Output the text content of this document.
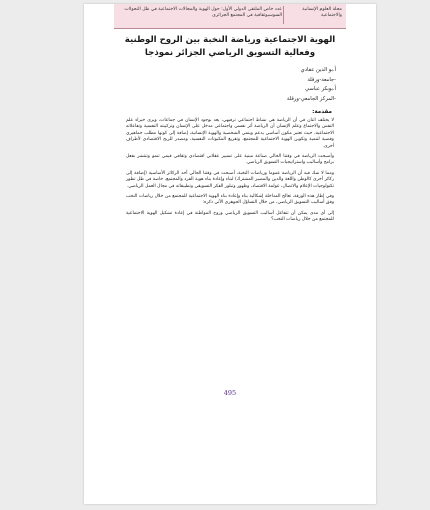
مجلة العلوم الإنسانية والاجتماعية
عدد خاص الملتقى الدولي الأول: حول الهوية والمجالات الاجتماعية في ظل التحولات السوسيوثقافية في المجتمع الجزائري
الهوية الاجتماعية ورياضة النخبة بين الروح الوطنية
وفعالية التسويق الرياضي الجزائر نموذجا
أ.بو الدين عقادي
-جامعة-ورقلة
أ.بوبكر عباسي
-المركز الجامعي-ورقلة
مقدمة:

لا يختلف اثنان في أن الرياضة هي نشاط اجتماعي ترفيهي، يعد بوجود الإنسان في جماعات، ويرى خبراء علم النفس والاجتماع وعلم الإنسان أن الرياضة أثر نفسي واجتماعي مدخل على الإنسان وتركيبته النفسية وتفاعلاته الاجتماعية، حيث تعتبر مكون أساسي يدعم وينمي الشخصية والهوية الإنسانية، إضافة إلى كونها مطلب جماهيري وقضية لتنمية وتكوين الهوية الاجتماعية للمجتمع، وتفريغ المكبوتات النفسية، ومصدر للربح الاقتصادي لأطراف أخرى.

وأصبحت الرياضة في وقتنا الحالي صناعة مبنية على تسيير عقلاني اقتصادي وثقافي قيمي تنمو وتنتشر بفعل برامج وأساليب واستراتيجيات التسويق الرياضي.

ومما لا شك فيه أن الرياضة عموما ورياضات النخبة، أصبحت في وقتنا الحالي أحد الركائز الأساسية (إضافة إلى ركائز أخرى كالوطن واللغة والدين والمصير المشترك) لبناء وإعادة بناء هوية الفرد والمجتمع، خاصة في ظل تطور تكنولوجيات الإعلام والاتصال، عولمة الاقتصاد، وظهور وتبلور الفكر التسويقي وتطبيقاته في مجال العمل الرياضي.

وفي إطار هذه الورقة، تعالج المداخلة إشكالية بناء وإعادة بناء الهوية الاجتماعية للمجتمع من خلال رياضات النخب وفق أساليب التسويق الرياضي، من خلال التساؤل الجوهري الآتي ذكره:

إلى أي مدى يمكن أن تتفاعل أساليب التسويق الرياضي وروح المواطنة في إعادة تشكيل الهوية الاجتماعية للمجتمع من خلال رياضات النخب؟

495
